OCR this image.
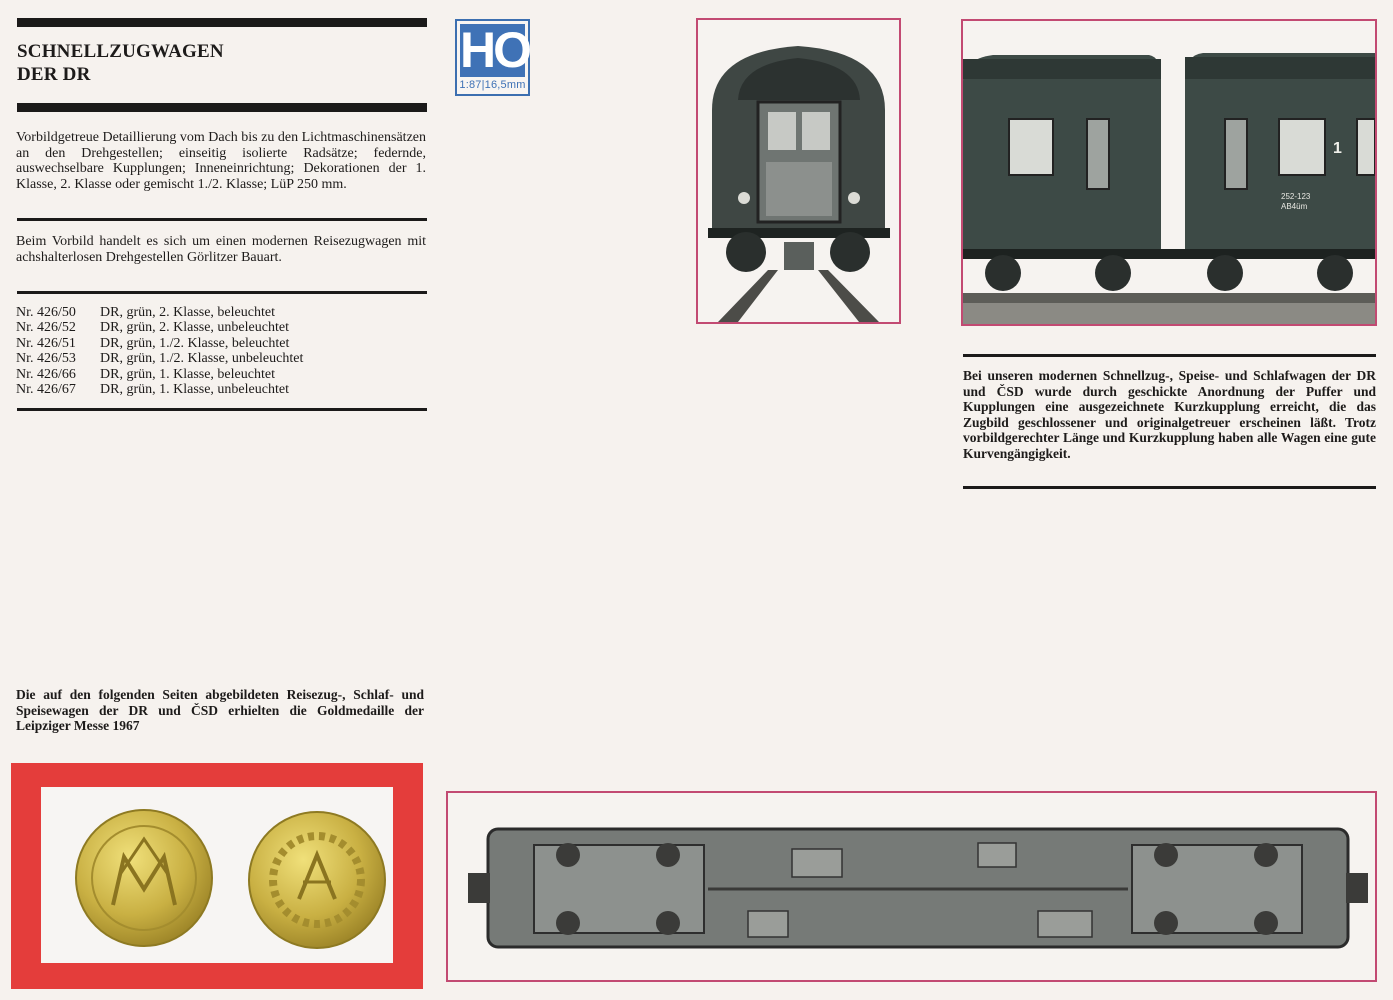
SCHNELLZUGWAGEN
DER DR
Vorbildgetreue Detaillierung vom Dach bis zu den Lichtmaschinensätzen an den Drehgestellen; einseitig isolierte Radsätze; federnde, auswechselbare Kupplungen; Inneneinrichtung; Dekorationen der 1. Klasse, 2. Klasse oder gemischt 1./2. Klasse; LüP 250 mm.
Beim Vorbild handelt es sich um einen modernen Reisezugwagen mit achshalterlosen Drehgestellen Görlitzer Bauart.
Nr. 426/50	DR, grün, 2. Klasse, beleuchtet
Nr. 426/52	DR, grün, 2. Klasse, unbeleuchtet
Nr. 426/51	DR, grün, 1./2. Klasse, beleuchtet
Nr. 426/53	DR, grün, 1./2. Klasse, unbeleuchtet
Nr. 426/66	DR, grün, 1. Klasse, beleuchtet
Nr. 426/67	DR, grün, 1. Klasse, unbeleuchtet
Die auf den folgenden Seiten abgebildeten Reisezug-, Schlaf- und Speisewagen der DR und ČSD erhielten die Goldmedaille der Leipziger Messe 1967
HO
1:87|16,5mm
1
252-123
AB4üm
Bei unseren modernen Schnellzug-, Speise- und Schlafwagen der DR und ČSD wurde durch geschickte Anordnung der Puffer und Kupplungen eine ausgezeichnete Kurzkupplung erreicht, die das Zugbild geschlossener und originalgetreuer erscheinen läßt. Trotz vorbildgerechter Länge und Kurzkupplung haben alle Wagen eine gute Kurvengängigkeit.
